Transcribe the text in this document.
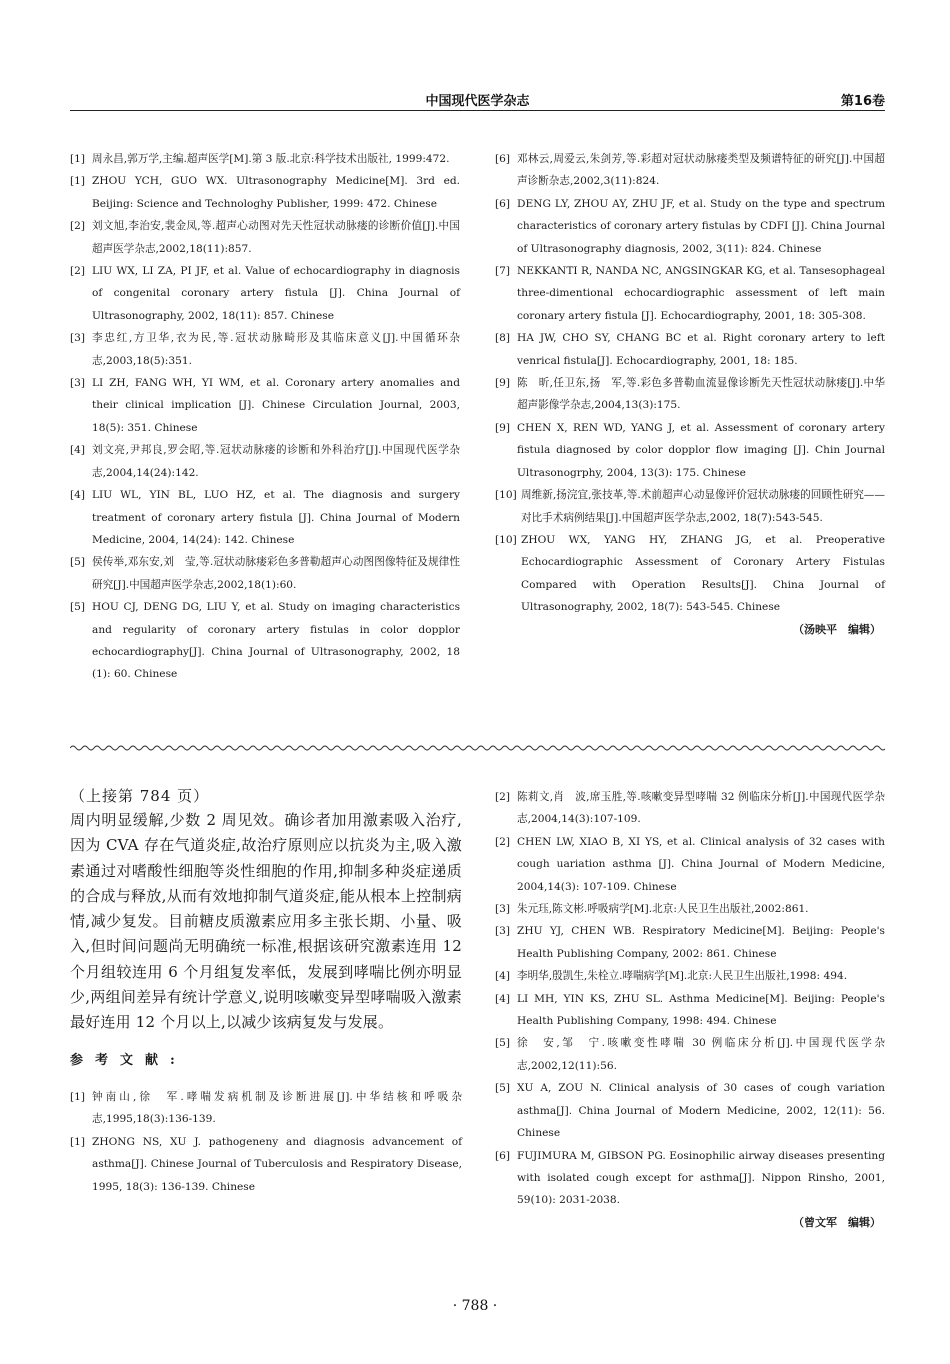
中国现代医学杂志	第16卷
[1] 周永昌,郭万学,主编.超声医学[M].第 3 版.北京:科学技术出版社, 1999:472.
[1] ZHOU YCH, GUO WX. Ultrasonography Medicine[M]. 3rd ed. Beijing: Science and Technologhy Publisher, 1999: 472. Chinese
[2] 刘文旭,李治安,裴金凤,等.超声心动图对先天性冠状动脉瘘的诊断价值[J].中国超声医学杂志,2002,18(11):857.
[2] LIU WX, LI ZA, PI JF, et al. Value of echocardiography in diagnosis of congenital coronary artery fistula [J]. China Journal of Ultrasonography, 2002, 18(11): 857. Chinese
[3] 李忠红,方卫华,衣为民,等.冠状动脉畸形及其临床意义[J].中国循环杂志,2003,18(5):351.
[3] LI ZH, FANG WH, YI WM, et al. Coronary artery anomalies and their clinical implication [J]. Chinese Circulation Journal, 2003, 18(5): 351. Chinese
[4] 刘文亮,尹邦良,罗会昭,等.冠状动脉瘘的诊断和外科治疗[J].中国现代医学杂志,2004,14(24):142.
[4] LIU WL, YIN BL, LUO HZ, et al. The diagnosis and surgery treatment of coronary artery fistula [J]. China Journal of Modern Medicine, 2004, 14(24): 142. Chinese
[5] 侯传举,邓东安,刘　莹,等.冠状动脉瘘彩色多普勒超声心动图图像特征及规律性研究[J].中国超声医学杂志,2002,18(1):60.
[5] HOU CJ, DENG DG, LIU Y, et al. Study on imaging characteristics and regularity of coronary artery fistulas in color dopplor echocardiography[J]. China Journal of Ultrasonography, 2002, 18 (1): 60. Chinese
[6] 邓林云,周爱云,朱剑芳,等.彩超对冠状动脉瘘类型及频谱特征的研究[J].中国超声诊断杂志,2002,3(11):824.
[6] DENG LY, ZHOU AY, ZHU JF, et al. Study on the type and spectrum characteristics of coronary artery fistulas by CDFI [J]. China Journal of Ultrasonography diagnosis, 2002, 3(11): 824. Chinese
[7] NEKKANTI R, NANDA NC, ANGSINGKAR KG, et al. Tansesophageal three-dimentional echocardiographic assessment of left main coronary artery fistula [J]. Echocardiography, 2001, 18: 305-308.
[8] HA JW, CHO SY, CHANG BC et al. Right coronary artery to left venrical fistula[J]. Echocardiography, 2001, 18: 185.
[9] 陈　昕,任卫东,扬　军,等.彩色多普勒血流显像诊断先天性冠状动脉瘘[J].中华超声影像学杂志,2004,13(3):175.
[9] CHEN X, REN WD, YANG J, et al. Assessment of coronary artery fistula diagnosed by color dopplor flow imaging [J]. Chin Journal Ultrasonogrphy, 2004, 13(3): 175. Chinese
[10] 周维新,扬浣宜,张技革,等.术前超声心动显像评价冠状动脉瘘的回顾性研究——对比手术病例结果[J].中国超声医学杂志,2002, 18(7):543-545.
[10] ZHOU WX, YANG HY, ZHANG JG, et al. Preoperative Echocardiographic Assessment of Coronary Artery Fistulas Compared with Operation Results[J]. China Journal of Ultrasonography, 2002, 18(7): 543-545. Chinese
（汤映平　编辑）
（上接第 784 页）
周内明显缓解,少数 2 周见效。确诊者加用激素吸入治疗,因为 CVA 存在气道炎症,故治疗原则应以抗炎为主,吸入激素通过对嗜酸性细胞等炎性细胞的作用,抑制多种炎症递质的合成与释放,从而有效地抑制气道炎症,能从根本上控制病情,减少复发。目前糖皮质激素应用多主张长期、小量、吸入,但时间问题尚无明确统一标准,根据该研究激素连用 12 个月组较连用 6 个月组复发率低，发展到哮喘比例亦明显少,两组间差异有统计学意义,说明咳嗽变异型哮喘吸入激素最好连用 12 个月以上,以减少该病复发与发展。
参考文献:
[1] 钟南山,徐　军.哮喘发病机制及诊断进展[J].中华结核和呼吸杂志,1995,18(3):136-139.
[1] ZHONG NS, XU J. pathogeneny and diagnosis advancement of asthma[J]. Chinese Journal of Tuberculosis and Respiratory Disease, 1995, 18(3): 136-139. Chinese
[2] 陈莉文,肖　波,席玉胜,等.咳嗽变异型哮喘 32 例临床分析[J].中国现代医学杂志,2004,14(3):107-109.
[2] CHEN LW, XIAO B, XI YS, et al. Clinical analysis of 32 cases with cough uariation asthma [J]. China Journal of Modern Medicine, 2004,14(3): 107-109. Chinese
[3] 朱元珏,陈文彬.呼吸病学[M].北京:人民卫生出版社,2002:861.
[3] ZHU YJ, CHEN WB. Respiratory Medicine[M]. Beijing: People's Health Publishing Company, 2002: 861. Chinese
[4] 李明华,殷凯生,朱栓立.哮喘病学[M].北京:人民卫生出版社,1998: 494.
[4] LI MH, YIN KS, ZHU SL. Asthma Medicine[M]. Beijing: People's Health Publishing Company, 1998: 494. Chinese
[5] 徐　安,邹　宁.咳嗽变性哮喘 30 例临床分析[J].中国现代医学杂志,2002,12(11):56.
[5] XU A, ZOU N. Clinical analysis of 30 cases of cough variation asthma[J]. China Journal of Modern Medicine, 2002, 12(11): 56. Chinese
[6] FUJIMURA M, GIBSON PG. Eosinophilic airway diseases presenting with isolated cough except for asthma[J]. Nippon Rinsho, 2001, 59(10): 2031-2038.
（曾文军　编辑）
· 788 ·
